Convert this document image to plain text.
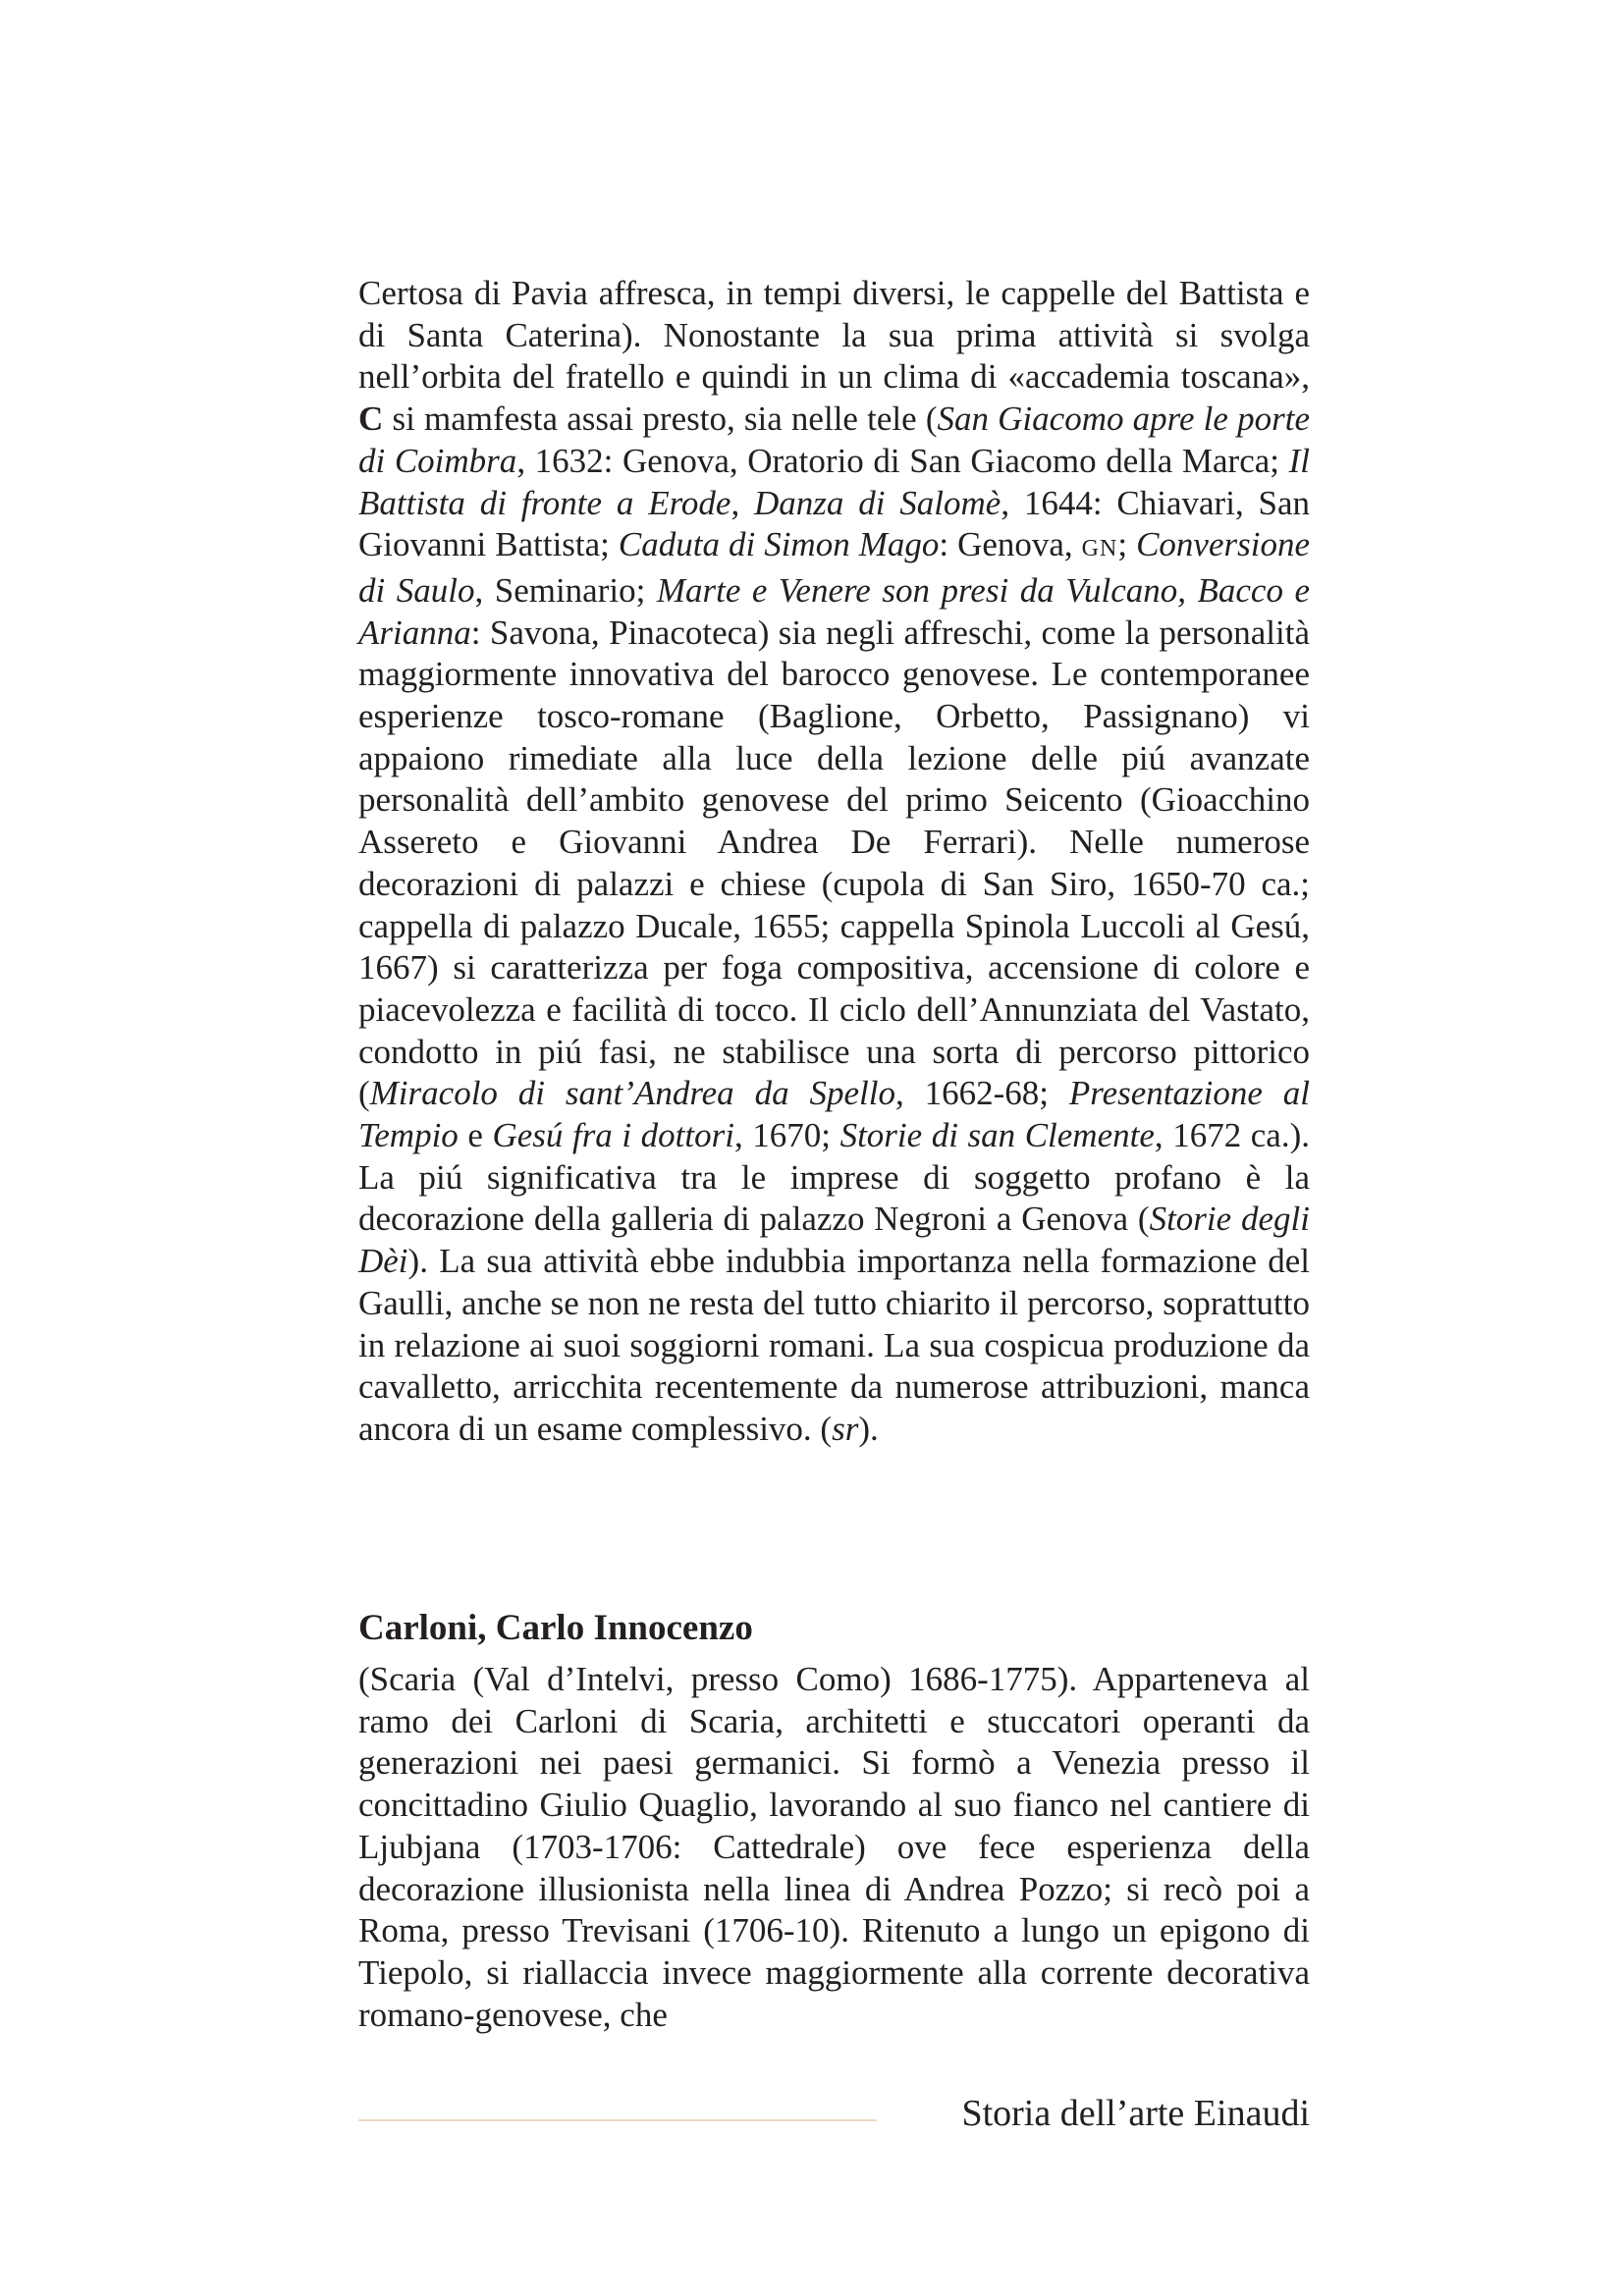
Certosa di Pavia affresca, in tempi diversi, le cappelle del Battista e di Santa Caterina). Nonostante la sua prima attività si svolga nell’orbita del fratello e quindi in un clima di «accademia toscana», C si mamfesta assai presto, sia nelle tele (San Giacomo apre le porte di Coimbra, 1632: Genova, Oratorio di San Giacomo della Marca; Il Battista di fronte a Erode, Danza di Salomè, 1644: Chiavari, San Giovanni Battista; Caduta di Simon Mago: Genova, GN; Conversione di Saulo, Seminario; Marte e Venere son presi da Vulcano, Bacco e Arianna: Savona, Pinacoteca) sia negli affreschi, come la personalità maggiormente innovativa del barocco genovese. Le contemporanee esperienze tosco-romane (Baglione, Orbetto, Passignano) vi appaiono rimediate alla luce della lezione delle piú avanzate personalità dell’ambito genovese del primo Seicento (Gioacchino Assereto e Giovanni Andrea De Ferrari). Nelle numerose decorazioni di palazzi e chiese (cupola di San Siro, 1650-70 ca.; cappella di palazzo Ducale, 1655; cappella Spinola Luccoli al Gesú, 1667) si caratterizza per foga compositiva, accensione di colore e piacevolezza e facilità di tocco. Il ciclo dell’Annunziata del Vastato, condotto in piú fasi, ne stabilisce una sorta di percorso pittorico (Miracolo di sant’Andrea da Spello, 1662-68; Presentazione al Tempio e Gesú fra i dottori, 1670; Storie di san Clemente, 1672 ca.). La piú significativa tra le imprese di soggetto profano è la decorazione della galleria di palazzo Negroni a Genova (Storie degli Dèi). La sua attività ebbe indubbia importanza nella formazione del Gaulli, anche se non ne resta del tutto chiarito il percorso, soprattutto in relazione ai suoi soggiorni romani. La sua cospicua produzione da cavalletto, arricchita recentemente da numerose attribuzioni, manca ancora di un esame complessivo. (sr).

Carloni, Carlo Innocenzo

(Scaria (Val d’Intelvi, presso Como) 1686-1775). Apparteneva al ramo dei Carloni di Scaria, architetti e stuccatori operanti da generazioni nei paesi germanici. Si formò a Venezia presso il concittadino Giulio Quaglio, lavorando al suo fianco nel cantiere di Ljubjana (1703-1706: Cattedrale) ove fece esperienza della decorazione illusionista nella linea di Andrea Pozzo; si recò poi a Roma, presso Trevisani (1706-10). Ritenuto a lungo un epigono di Tiepolo, si riallaccia invece maggiormente alla corrente decorativa romano-genovese, che

Storia dell’arte Einaudi
